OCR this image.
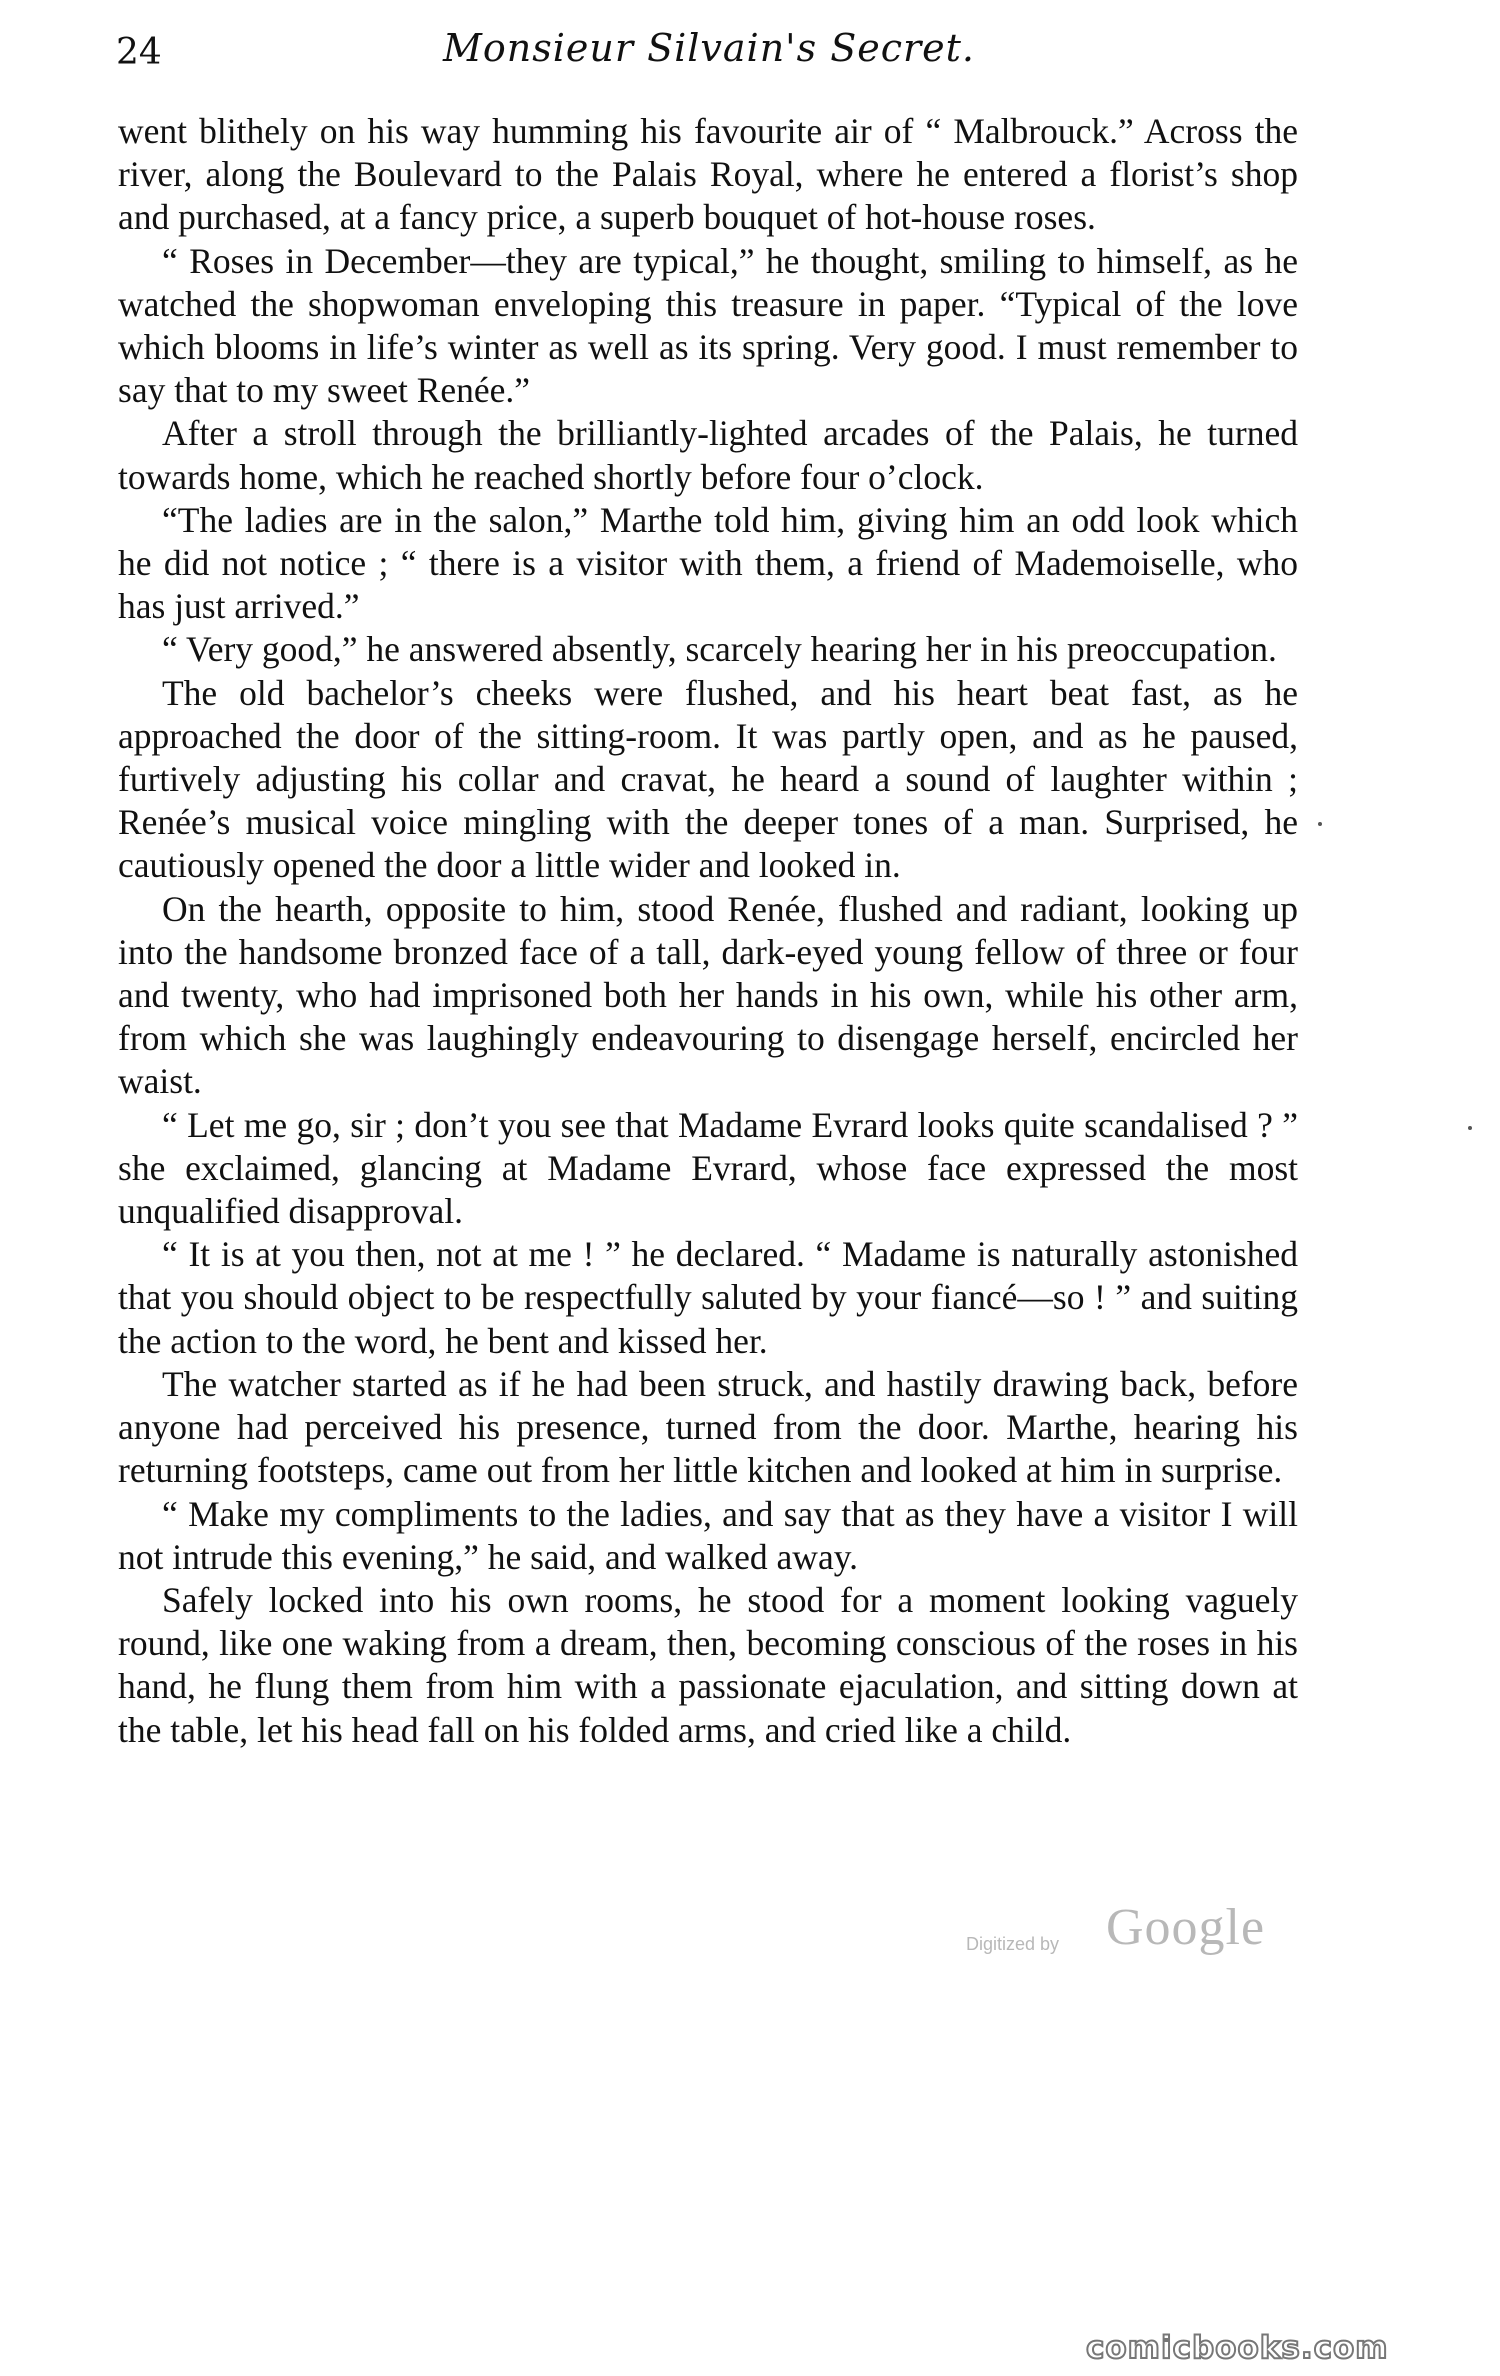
24	Monsieur Silvain's Secret.

went blithely on his way humming his favourite air of “ Malbrouck.” Across the river, along the Boulevard to the Palais Royal, where he entered a florist’s shop and purchased, at a fancy price, a superb bouquet of hot-house roses.

“ Roses in December—they are typical,” he thought, smiling to himself, as he watched the shopwoman enveloping this treasure in paper. “Typical of the love which blooms in life’s winter as well as its spring. Very good. I must remember to say that to my sweet Renée.”

After a stroll through the brilliantly-lighted arcades of the Palais, he turned towards home, which he reached shortly before four o’clock.

“The ladies are in the salon,” Marthe told him, giving him an odd look which he did not notice ; “ there is a visitor with them, a friend of Mademoiselle, who has just arrived.”

“ Very good,” he answered absently, scarcely hearing her in his preoccupation.

The old bachelor’s cheeks were flushed, and his heart beat fast, as he approached the door of the sitting-room. It was partly open, and as he paused, furtively adjusting his collar and cravat, he heard a sound of laughter within ; Renée’s musical voice mingling with the deeper tones of a man. Surprised, he cautiously opened the door a little wider and looked in.

On the hearth, opposite to him, stood Renée, flushed and radiant, looking up into the handsome bronzed face of a tall, dark-eyed young fellow of three or four and twenty, who had imprisoned both her hands in his own, while his other arm, from which she was laughingly endeavouring to disengage herself, encircled her waist.

“ Let me go, sir ; don’t you see that Madame Evrard looks quite scandalised ? ” she exclaimed, glancing at Madame Evrard, whose face expressed the most unqualified disapproval.

“ It is at you then, not at me ! ” he declared. “ Madame is naturally astonished that you should object to be respectfully saluted by your fiancé—so ! ” and suiting the action to the word, he bent and kissed her.

The watcher started as if he had been struck, and hastily drawing back, before anyone had perceived his presence, turned from the door. Marthe, hearing his returning footsteps, came out from her little kitchen and looked at him in surprise.

“ Make my compliments to the ladies, and say that as they have a visitor I will not intrude this evening,” he said, and walked away.

Safely locked into his own rooms, he stood for a moment looking vaguely round, like one waking from a dream, then, becoming conscious of the roses in his hand, he flung them from him with a passionate ejaculation, and sitting down at the table, let his head fall on his folded arms, and cried like a child.

Digitized by Google
comicbooks.com
